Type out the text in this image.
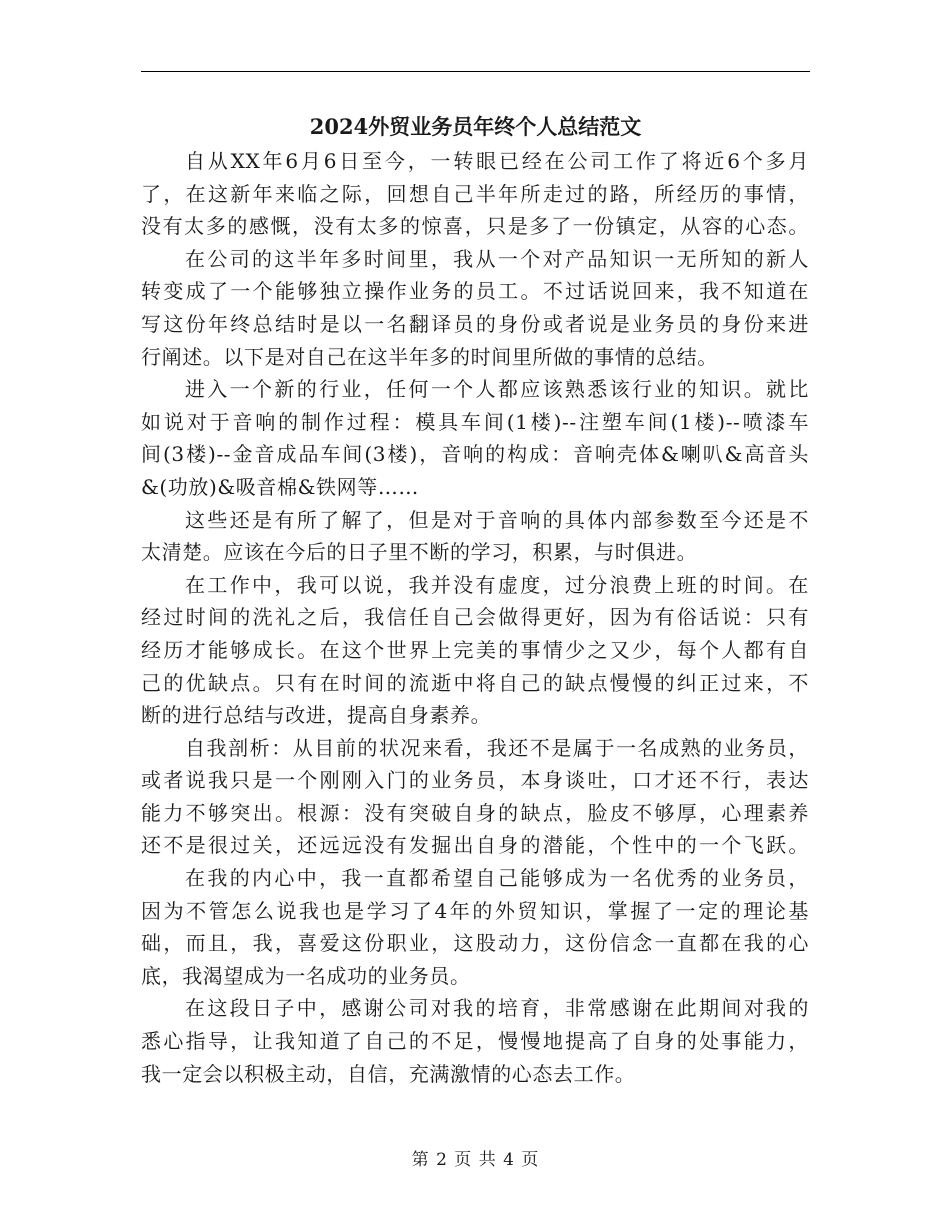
2024外贸业务员年终个人总结范文
自从XX年6月6日至今，一转眼已经在公司工作了将近6个多月
了，在这新年来临之际，回想自己半年所走过的路，所经历的事情，
没有太多的感慨，没有太多的惊喜，只是多了一份镇定，从容的心态。
在公司的这半年多时间里，我从一个对产品知识一无所知的新人
转变成了一个能够独立操作业务的员工。不过话说回来，我不知道在
写这份年终总结时是以一名翻译员的身份或者说是业务员的身份来进
行阐述。以下是对自己在这半年多的时间里所做的事情的总结。
进入一个新的行业，任何一个人都应该熟悉该行业的知识。就比
如说对于音响的制作过程：模具车间(1楼)--注塑车间(1楼)--喷漆车
间(3楼)--金音成品车间(3楼)，音响的构成：音响壳体&喇叭&高音头
&(功放)&吸音棉&铁网等……
这些还是有所了解了，但是对于音响的具体内部参数至今还是不
太清楚。应该在今后的日子里不断的学习，积累，与时俱进。
在工作中，我可以说，我并没有虚度，过分浪费上班的时间。在
经过时间的洗礼之后，我信任自己会做得更好，因为有俗话说：只有
经历才能够成长。在这个世界上完美的事情少之又少，每个人都有自
己的优缺点。只有在时间的流逝中将自己的缺点慢慢的纠正过来，不
断的进行总结与改进，提高自身素养。
自我剖析：从目前的状况来看，我还不是属于一名成熟的业务员，
或者说我只是一个刚刚入门的业务员，本身谈吐，口才还不行，表达
能力不够突出。根源：没有突破自身的缺点，脸皮不够厚，心理素养
还不是很过关，还远远没有发掘出自身的潜能，个性中的一个飞跃。
在我的内心中，我一直都希望自己能够成为一名优秀的业务员，
因为不管怎么说我也是学习了4年的外贸知识，掌握了一定的理论基
础，而且，我，喜爱这份职业，这股动力，这份信念一直都在我的心
底，我渴望成为一名成功的业务员。
在这段日子中，感谢公司对我的培育，非常感谢在此期间对我的
悉心指导，让我知道了自己的不足，慢慢地提高了自身的处事能力，
我一定会以积极主动，自信，充满激情的心态去工作。
第 2 页 共 4 页
